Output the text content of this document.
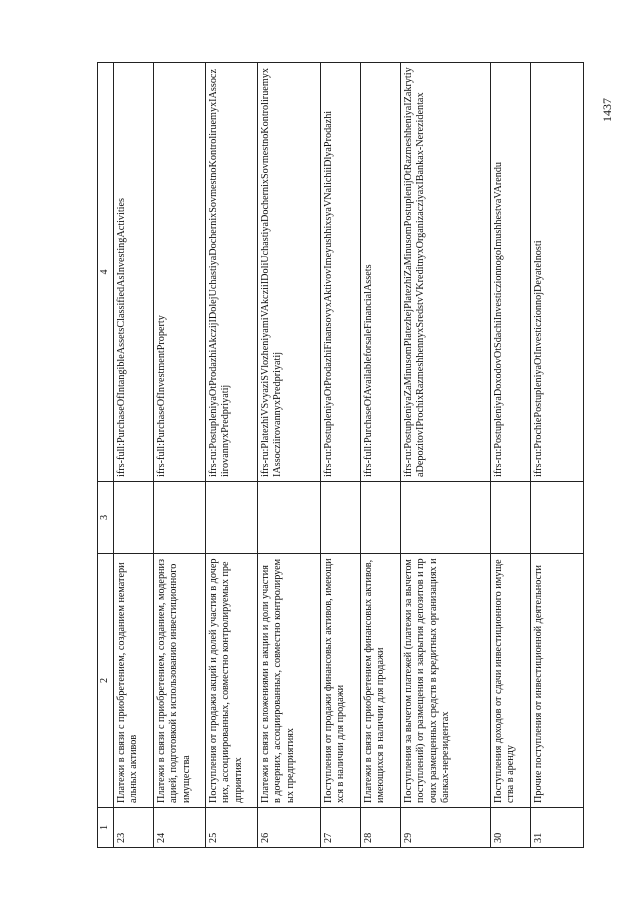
1437
1	2	3	4
23	Платежи в связи с приобретением, созданием нематериальных активов		ifrs-full:PurchaseOfIntangibleAssetsClassifiedAsInvestingActivities
24	Платежи в связи с приобретением, созданием, модернизацией, подготовкой к использованию инвестиционного имущества		ifrs-full:PurchaseOfInvestmentProperty
25	Поступления от продажи акций и долей участия в дочерних, ассоциированных, совместно контролируемых предприятиях		ifrs-ru:PostupleniyaOtProdazhiAkczijIDolejUchastiyaDochernixSovmestnoKontroliruemyxIAssocziirovannyxPredpriyatij
26	Платежи в связи с вложениями в акции и доли участия в дочерних, ассоциированных, совместно контролируемых предприятиях		ifrs-ru:PlatezhiVSvyaziSVlozheniyamiVAkcziiIDoliUchastiyaDochernixSovmestnoKontroliruemyxIAssocziirovannyxPredpriyatij
27	Поступления от продажи финансовых активов, имеющихся в наличии для продажи		ifrs-ru:PostupleniyaOtProdazhiFinansovyxAktivovImeyushhixsyaVNalichiiDlyaProdazhi
28	Платежи в связи с приобретением финансовых активов, имеющихся в наличии для продажи		ifrs-full:PurchaseOfAvailableforsaleFinancialAssets
29	Поступления за вычетом платежей (платежи за вычетом поступлений) от размещения и закрытия депозитов и прочих размещенных средств в кредитных организациях и банках-нерезидентах		ifrs-ru:PostupleniyaZaMinusomPlatezhejPlatezhiZaMinusomPostuplenijOtRazmeshheniyaIZakrytiyaDepozitovIProchixRazmeshhennyxSredstvVKreditnyxOrganizacziyaxIBankax-Nerezidentax
30	Поступления доходов от сдачи инвестиционного имущества в аренду		ifrs-ru:PostupleniyaDoxodovOtSdachiInvesticzionnogoImushhestvaVArendu
31	Прочие поступления от инвестиционной деятельности		ifrs-ru:ProchiePostupleniyaOtInvesticzionnojDeyatelnosti
